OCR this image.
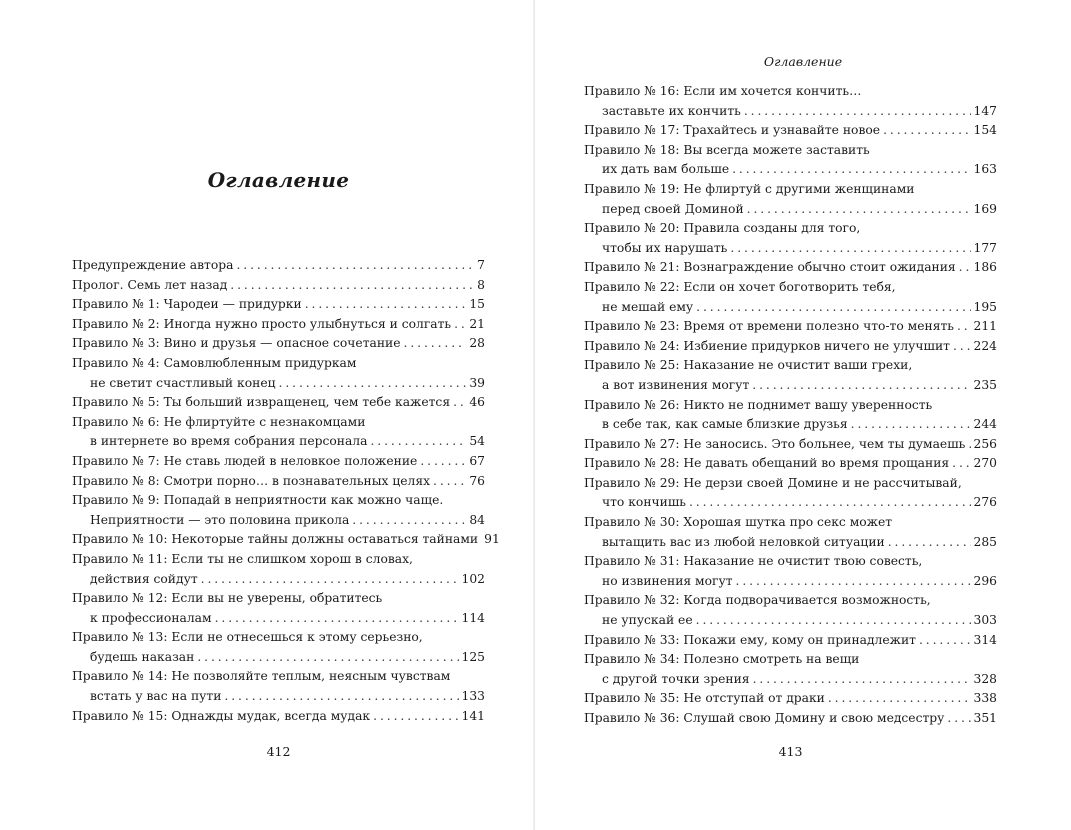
Оглавление
Предупреждение автора . . .	7
Пролог. Семь лет назад . . .	8
Правило № 1: Чародеи — придурки . . .	15
Правило № 2: Иногда нужно просто улыбнуться и солгать . . . 21
Правило № 3: Вино и друзья — опасное сочетание . . .	28
Правило № 4: Самовлюбленным придуркам
не светит счастливый конец . . .	39
Правило № 5: Ты больший извращенец, чем тебе кажется . . . 46
Правило № 6: Не флиртуйте с незнакомцами
в интернете во время собрания персонала . . .	54
Правило № 7: Не ставь людей в неловкое положение . . .	67
Правило № 8: Смотри порно… в познавательных целях . . .	76
Правило № 9: Попадай в неприятности как можно чаще.
Неприятности — это половина прикола . . .	84
Правило № 10: Некоторые тайны должны оставаться тайнами 91
Правило № 11: Если ты не слишком хорош в словах,
действия сойдут . . .	102
Правило № 12: Если вы не уверены, обратитесь
к профессионалам . . .	114
Правило № 13: Если не отнесешься к этому серьезно,
будешь наказан . . .	125
Правило № 14: Не позволяйте теплым, неясным чувствам
встать у вас на пути . . .	133
Правило № 15: Однажды мудак, всегда мудак . . .	141
412
Оглавление
Правило № 16: Если им хочется кончить…
заставьте их кончить . . .	147
Правило № 17: Трахайтесь и узнавайте новое . . .	154
Правило № 18: Вы всегда можете заставить
их дать вам больше . . .	163
Правило № 19: Не флиртуй с другими женщинами
перед своей Доминой . . .	169
Правило № 20: Правила созданы для того,
чтобы их нарушать . . .	177
Правило № 21: Вознаграждение обычно стоит ожидания . . . 186
Правило № 22: Если он хочет боготворить тебя,
не мешай ему . . .	195
Правило № 23: Время от времени полезно что-то менять . . . 211
Правило № 24: Избиение придурков ничего не улучшит . . . 224
Правило № 25: Наказание не очистит ваши грехи,
а вот извинения могут . . .	235
Правило № 26: Никто не поднимет вашу уверенность
в себе так, как самые близкие друзья . . .	244
Правило № 27: Не заносись. Это больнее, чем ты думаешь . . . 256
Правило № 28: Не давать обещаний во время прощания . . . 270
Правило № 29: Не дерзи своей Домине и не рассчитывай,
что кончишь . . .	276
Правило № 30: Хорошая шутка про секс может
вытащить вас из любой неловкой ситуации . . .	285
Правило № 31: Наказание не очистит твою совесть,
но извинения могут . . .	296
Правило № 32: Когда подворачивается возможность,
не упускай ее . . .	303
Правило № 33: Покажи ему, кому он принадлежит . . .	314
Правило № 34: Полезно смотреть на вещи
с другой точки зрения . . .	328
Правило № 35: Не отступай от драки . . .	338
Правило № 36: Слушай свою Домину и свою медсестру . . . 351
413
